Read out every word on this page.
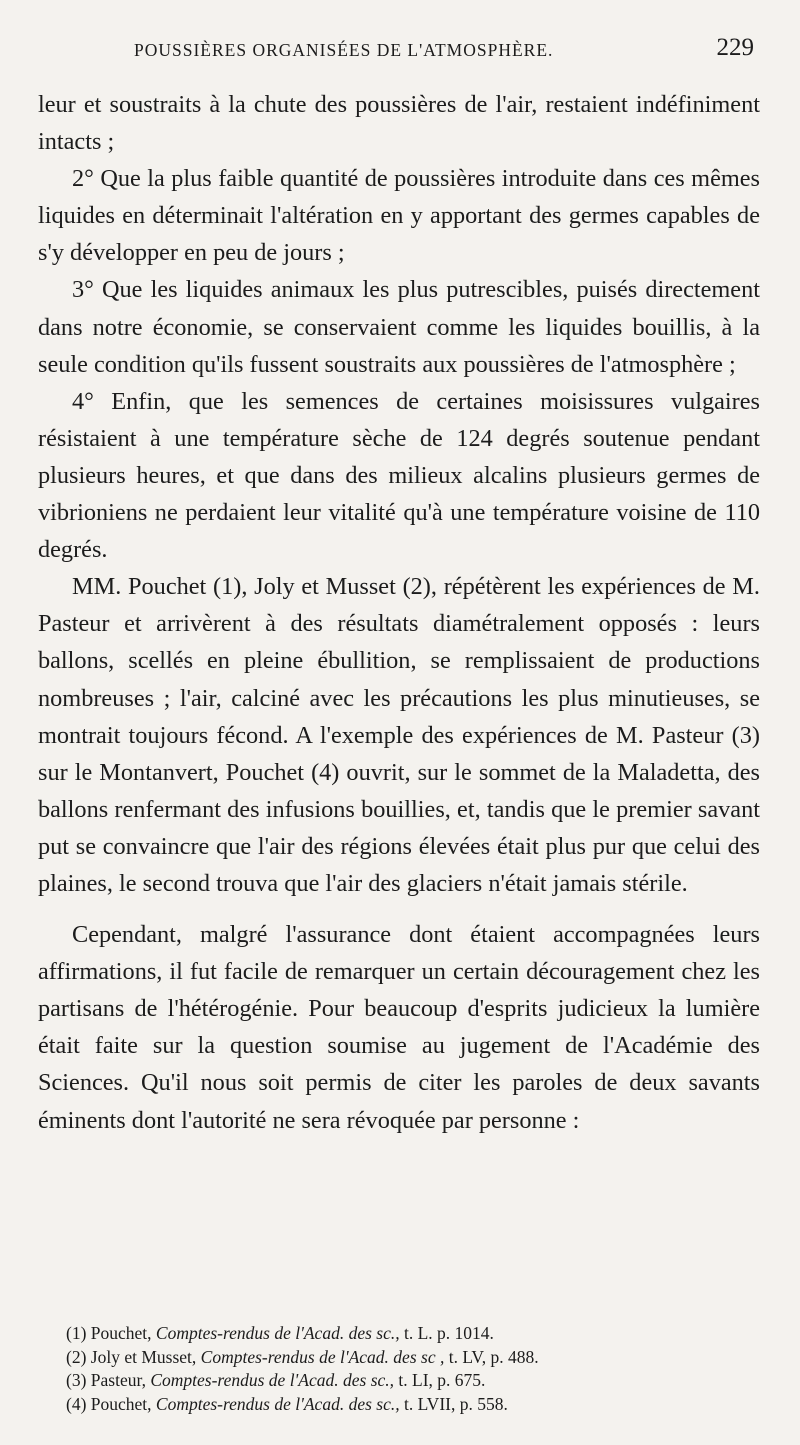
POUSSIÈRES ORGANISÉES DE L'ATMOSPHÈRE.	229

leur et soustraits à la chute des poussières de l'air, restaient indéfiniment intacts ;

2° Que la plus faible quantité de poussières introduite dans ces mêmes liquides en déterminait l'altération en y apportant des germes capables de s'y développer en peu de jours ;

3° Que les liquides animaux les plus putrescibles, puisés directement dans notre économie, se conservaient comme les liquides bouillis, à la seule condition qu'ils fussent soustraits aux poussières de l'atmosphère ;

4° Enfin, que les semences de certaines moisissures vulgaires résistaient à une température sèche de 124 degrés soutenue pendant plusieurs heures, et que dans des milieux alcalins plusieurs germes de vibrioniens ne perdaient leur vitalité qu'à une température voisine de 110 degrés.

MM. Pouchet (1), Joly et Musset (2), répétèrent les expériences de M. Pasteur et arrivèrent à des résultats diamétralement opposés : leurs ballons, scellés en pleine ébullition, se remplissaient de productions nombreuses ; l'air, calciné avec les précautions les plus minutieuses, se montrait toujours fécond. A l'exemple des expériences de M. Pasteur (3) sur le Montanvert, Pouchet (4) ouvrit, sur le sommet de la Maladetta, des ballons renfermant des infusions bouillies, et, tandis que le premier savant put se convaincre que l'air des régions élevées était plus pur que celui des plaines, le second trouva que l'air des glaciers n'était jamais stérile.

Cependant, malgré l'assurance dont étaient accompagnées leurs affirmations, il fut facile de remarquer un certain découragement chez les partisans de l'hétérogénie. Pour beaucoup d'esprits judicieux la lumière était faite sur la question soumise au jugement de l'Académie des Sciences. Qu'il nous soit permis de citer les paroles de deux savants éminents dont l'autorité ne sera révoquée par personne :

(1) Pouchet, Comptes-rendus de l'Acad. des sc., t. L. p. 1014.

(2) Joly et Musset, Comptes-rendus de l'Acad. des sc , t. LV, p. 488.

(3) Pasteur, Comptes-rendus de l'Acad. des sc., t. LI, p. 675.

(4) Pouchet, Comptes-rendus de l'Acad. des sc., t. LVII, p. 558.
